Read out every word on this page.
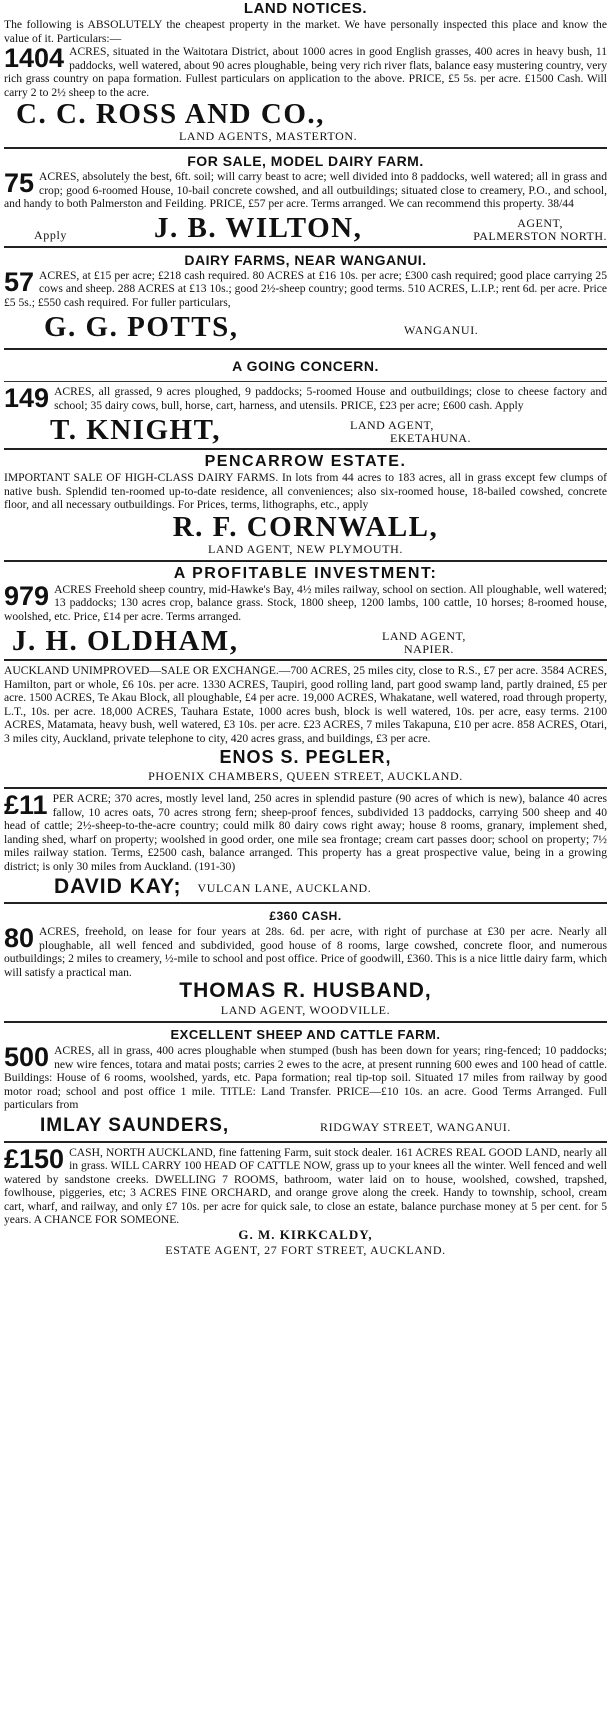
LAND NOTICES.

The following is ABSOLUTELY the cheapest property in the market. We have personally inspected this place and know the value of it. Particulars:—

1404 ACRES, situated in the Waitotara District, about 1000 acres in good English grasses, 400 acres in heavy bush, 11 paddocks, well watered, about 90 acres ploughable, being very rich river flats, balance easy mustering country, very rich grass country on papa formation. Fullest particulars on application to the above. PRICE, £5 5s. per acre. £1500 Cash. Will carry 2 to 2½ sheep to the acre.

C. C. ROSS AND CO.,
LAND AGENTS, MASTERTON.
FOR SALE, MODEL DAIRY FARM.
75 ACRES, absolutely the best, 6ft. soil; will carry beast to acre; well divided into 8 paddocks, well watered; all in grass and crop; good 6-roomed House, 10-bail concrete cowshed, and all outbuildings; situated close to creamery, P.O., and school, and handy to both Palmerston and Feilding. PRICE, £57 per acre. Terms arranged. We can recommend this property. 38/44

Apply	J. B. WILTON,	AGENT,
PALMERSTON NORTH.
DAIRY FARMS, NEAR WANGANUI.
57 ACRES, at £15 per acre; £218 cash required. 80 ACRES at £16 10s. per acre; £300 cash required; good place carrying 25 cows and sheep. 288 ACRES at £13 10s.; good 2½-sheep country; good terms. 510 ACRES, L.I.P.; rent 6d. per acre. Price £5 5s.; £550 cash required. For fuller particulars,

G. G. POTTS,	WANGANUI.
A GOING CONCERN.
149 ACRES, all grassed, 9 acres ploughed, 9 paddocks; 5-roomed House and outbuildings; close to cheese factory and school; 35 dairy cows, bull, horse, cart, harness, and utensils. PRICE, £23 per acre; £600 cash. Apply

T. KNIGHT,	LAND AGENT,
EKETAHUNA.
PENCARROW ESTATE.

IMPORTANT SALE OF HIGH-CLASS DAIRY FARMS. In lots from 44 acres to 183 acres, all in grass except few clumps of native bush. Splendid ten-roomed up-to-date residence, all conveniences; also six-roomed house, 18-bailed cowshed, concrete floor, and all necessary outbuildings. For Prices, terms, lithographs, etc., apply

R. F. CORNWALL,
LAND AGENT, NEW PLYMOUTH.
A PROFITABLE INVESTMENT:
979 ACRES Freehold sheep country, mid-Hawke's Bay, 4½ miles railway, school on section. All ploughable, well watered; 13 paddocks; 130 acres crop, balance grass. Stock, 1800 sheep, 1200 lambs, 100 cattle, 10 horses; 8-roomed house, woolshed, etc. Price, £14 per acre. Terms arranged.

J. H. OLDHAM,	LAND AGENT,
NAPIER.

AUCKLAND UNIMPROVED—SALE OR EXCHANGE.—700 ACRES, 25 miles city, close to R.S., £7 per acre. 3584 ACRES, Hamilton, part or whole, £6 10s. per acre. 1330 ACRES, Taupiri, good rolling land, part good swamp land, partly drained, £5 per acre. 1500 ACRES, Te Akau Block, all ploughable, £4 per acre. 19,000 ACRES, Whakatane, well watered, road through property, L.T., 10s. per acre. 18,000 ACRES, Tauhara Estate, 1000 acres bush, block is well watered, 10s. per acre, easy terms. 2100 ACRES, Matamata, heavy bush, well watered, £3 10s. per acre. £23 ACRES, 7 miles Takapuna, £10 per acre. 858 ACRES, Otari, 3 miles city, Auckland, private telephone to city, 420 acres grass, and buildings, £3 per acre.

ENOS S. PEGLER,
PHOENIX CHAMBERS, QUEEN STREET, AUCKLAND.
£11 PER ACRE; 370 acres, mostly level land, 250 acres in splendid pasture (90 acres of which is new), balance 40 acres fallow, 10 acres oats, 70 acres strong fern; sheep-proof fences, subdivided 13 paddocks, carrying 500 sheep and 40 head of cattle; 2½-sheep-to-the-acre country; could milk 80 dairy cows right away; house 8 rooms, granary, implement shed, landing shed, wharf on property; woolshed in good order, one mile sea frontage; cream cart passes door; school on property; 7½ miles railway station. Terms, £2500 cash, balance arranged. This property has a great prospective value, being in a growing district; is only 30 miles from Auckland. (191-30)

DAVID KAY;	VULCAN LANE, AUCKLAND.
£360 CASH.
80 ACRES, freehold, on lease for four years at 28s. 6d. per acre, with right of purchase at £30 per acre. Nearly all ploughable, all well fenced and subdivided, good house of 8 rooms, large cowshed, concrete floor, and numerous outbuildings; 2 miles to creamery, ½-mile to school and post office. Price of goodwill, £360. This is a nice little dairy farm, which will satisfy a practical man.

THOMAS R. HUSBAND,
LAND AGENT, WOODVILLE.
EXCELLENT SHEEP AND CATTLE FARM.
500 ACRES, all in grass, 400 acres ploughable when stumped (bush has been down for years; ring-fenced; 10 paddocks; new wire fences, totara and matai posts; carries 2 ewes to the acre, at present running 600 ewes and 100 head of cattle. Buildings: House of 6 rooms, woolshed, yards, etc. Papa formation; real tip-top soil. Situated 17 miles from railway by good motor road; school and post office 1 mile. TITLE: Land Transfer. PRICE—£10 10s. an acre. Good Terms Arranged. Full particulars from

IMLAY SAUNDERS,	RIDGWAY STREET, WANGANUI.
£150 CASH, NORTH AUCKLAND, fine fattening Farm, suit stock dealer. 161 ACRES REAL GOOD LAND, nearly all in grass. WILL CARRY 100 HEAD OF CATTLE NOW, grass up to your knees all the winter. Well fenced and well watered by sandstone creeks. DWELLING 7 ROOMS, bathroom, water laid on to house, woolshed, cowshed, trapshed, fowlhouse, piggeries, etc; 3 ACRES FINE ORCHARD, and orange grove along the creek. Handy to township, school, cream cart, wharf, and railway, and only £7 10s. per acre for quick sale, to close an estate, balance purchase money at 5 per cent. for 5 years. A CHANCE FOR SOMEONE.

G. M. KIRKCALDY,
ESTATE AGENT, 27 FORT STREET, AUCKLAND.
